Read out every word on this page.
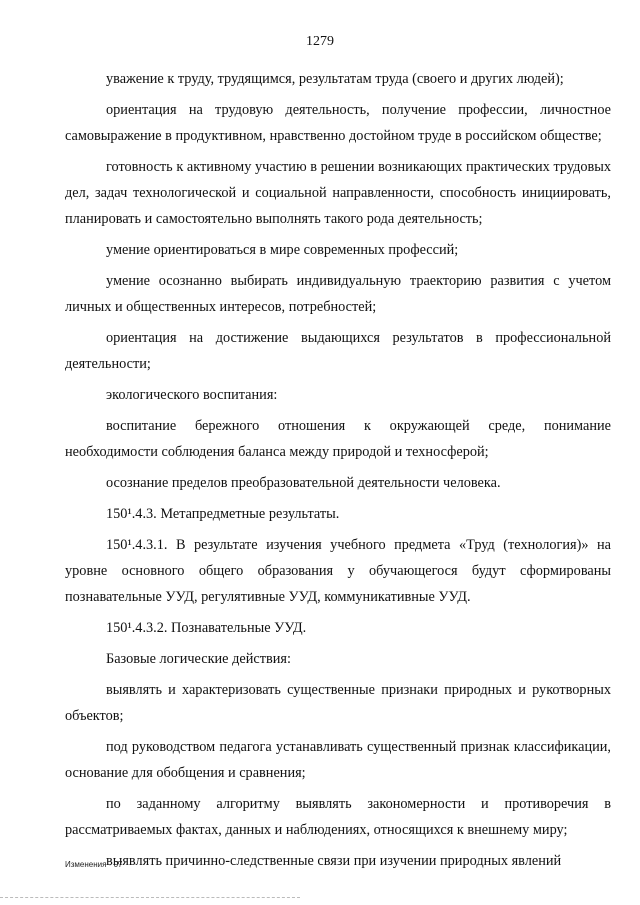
1279

уважение к труду, трудящимся, результатам труда (своего и других людей);

ориентация на трудовую деятельность, получение профессии, личностное самовыражение в продуктивном, нравственно достойном труде в российском обществе;

готовность к активному участию в решении возникающих практических трудовых дел, задач технологической и социальной направленности, способность инициировать, планировать и самостоятельно выполнять такого рода деятельность;

умение ориентироваться в мире современных профессий;

умение осознанно выбирать индивидуальную траекторию развития с учетом личных и общественных интересов, потребностей;

ориентация на достижение выдающихся результатов в профессиональной деятельности;

экологического воспитания:

воспитание бережного отношения к окружающей среде, понимание необходимости соблюдения баланса между природой и техносферой;

осознание пределов преобразовательной деятельности человека.

150¹.4.3. Метапредметные результаты.

150¹.4.3.1. В результате изучения учебного предмета «Труд (технология)» на уровне основного общего образования у обучающегося будут сформированы познавательные УУД, регулятивные УУД, коммуникативные УУД.

150¹.4.3.2. Познавательные УУД.

Базовые логические действия:

выявлять и характеризовать существенные признаки природных и рукотворных объектов;

под руководством педагога устанавливать существенный признак классификации, основание для обобщения и сравнения;

по заданному алгоритму выявлять закономерности и противоречия в рассматриваемых фактах, данных и наблюдениях, относящихся к внешнему миру;

выявлять причинно-следственные связи при изучении природных явлений

Изменения - 07
